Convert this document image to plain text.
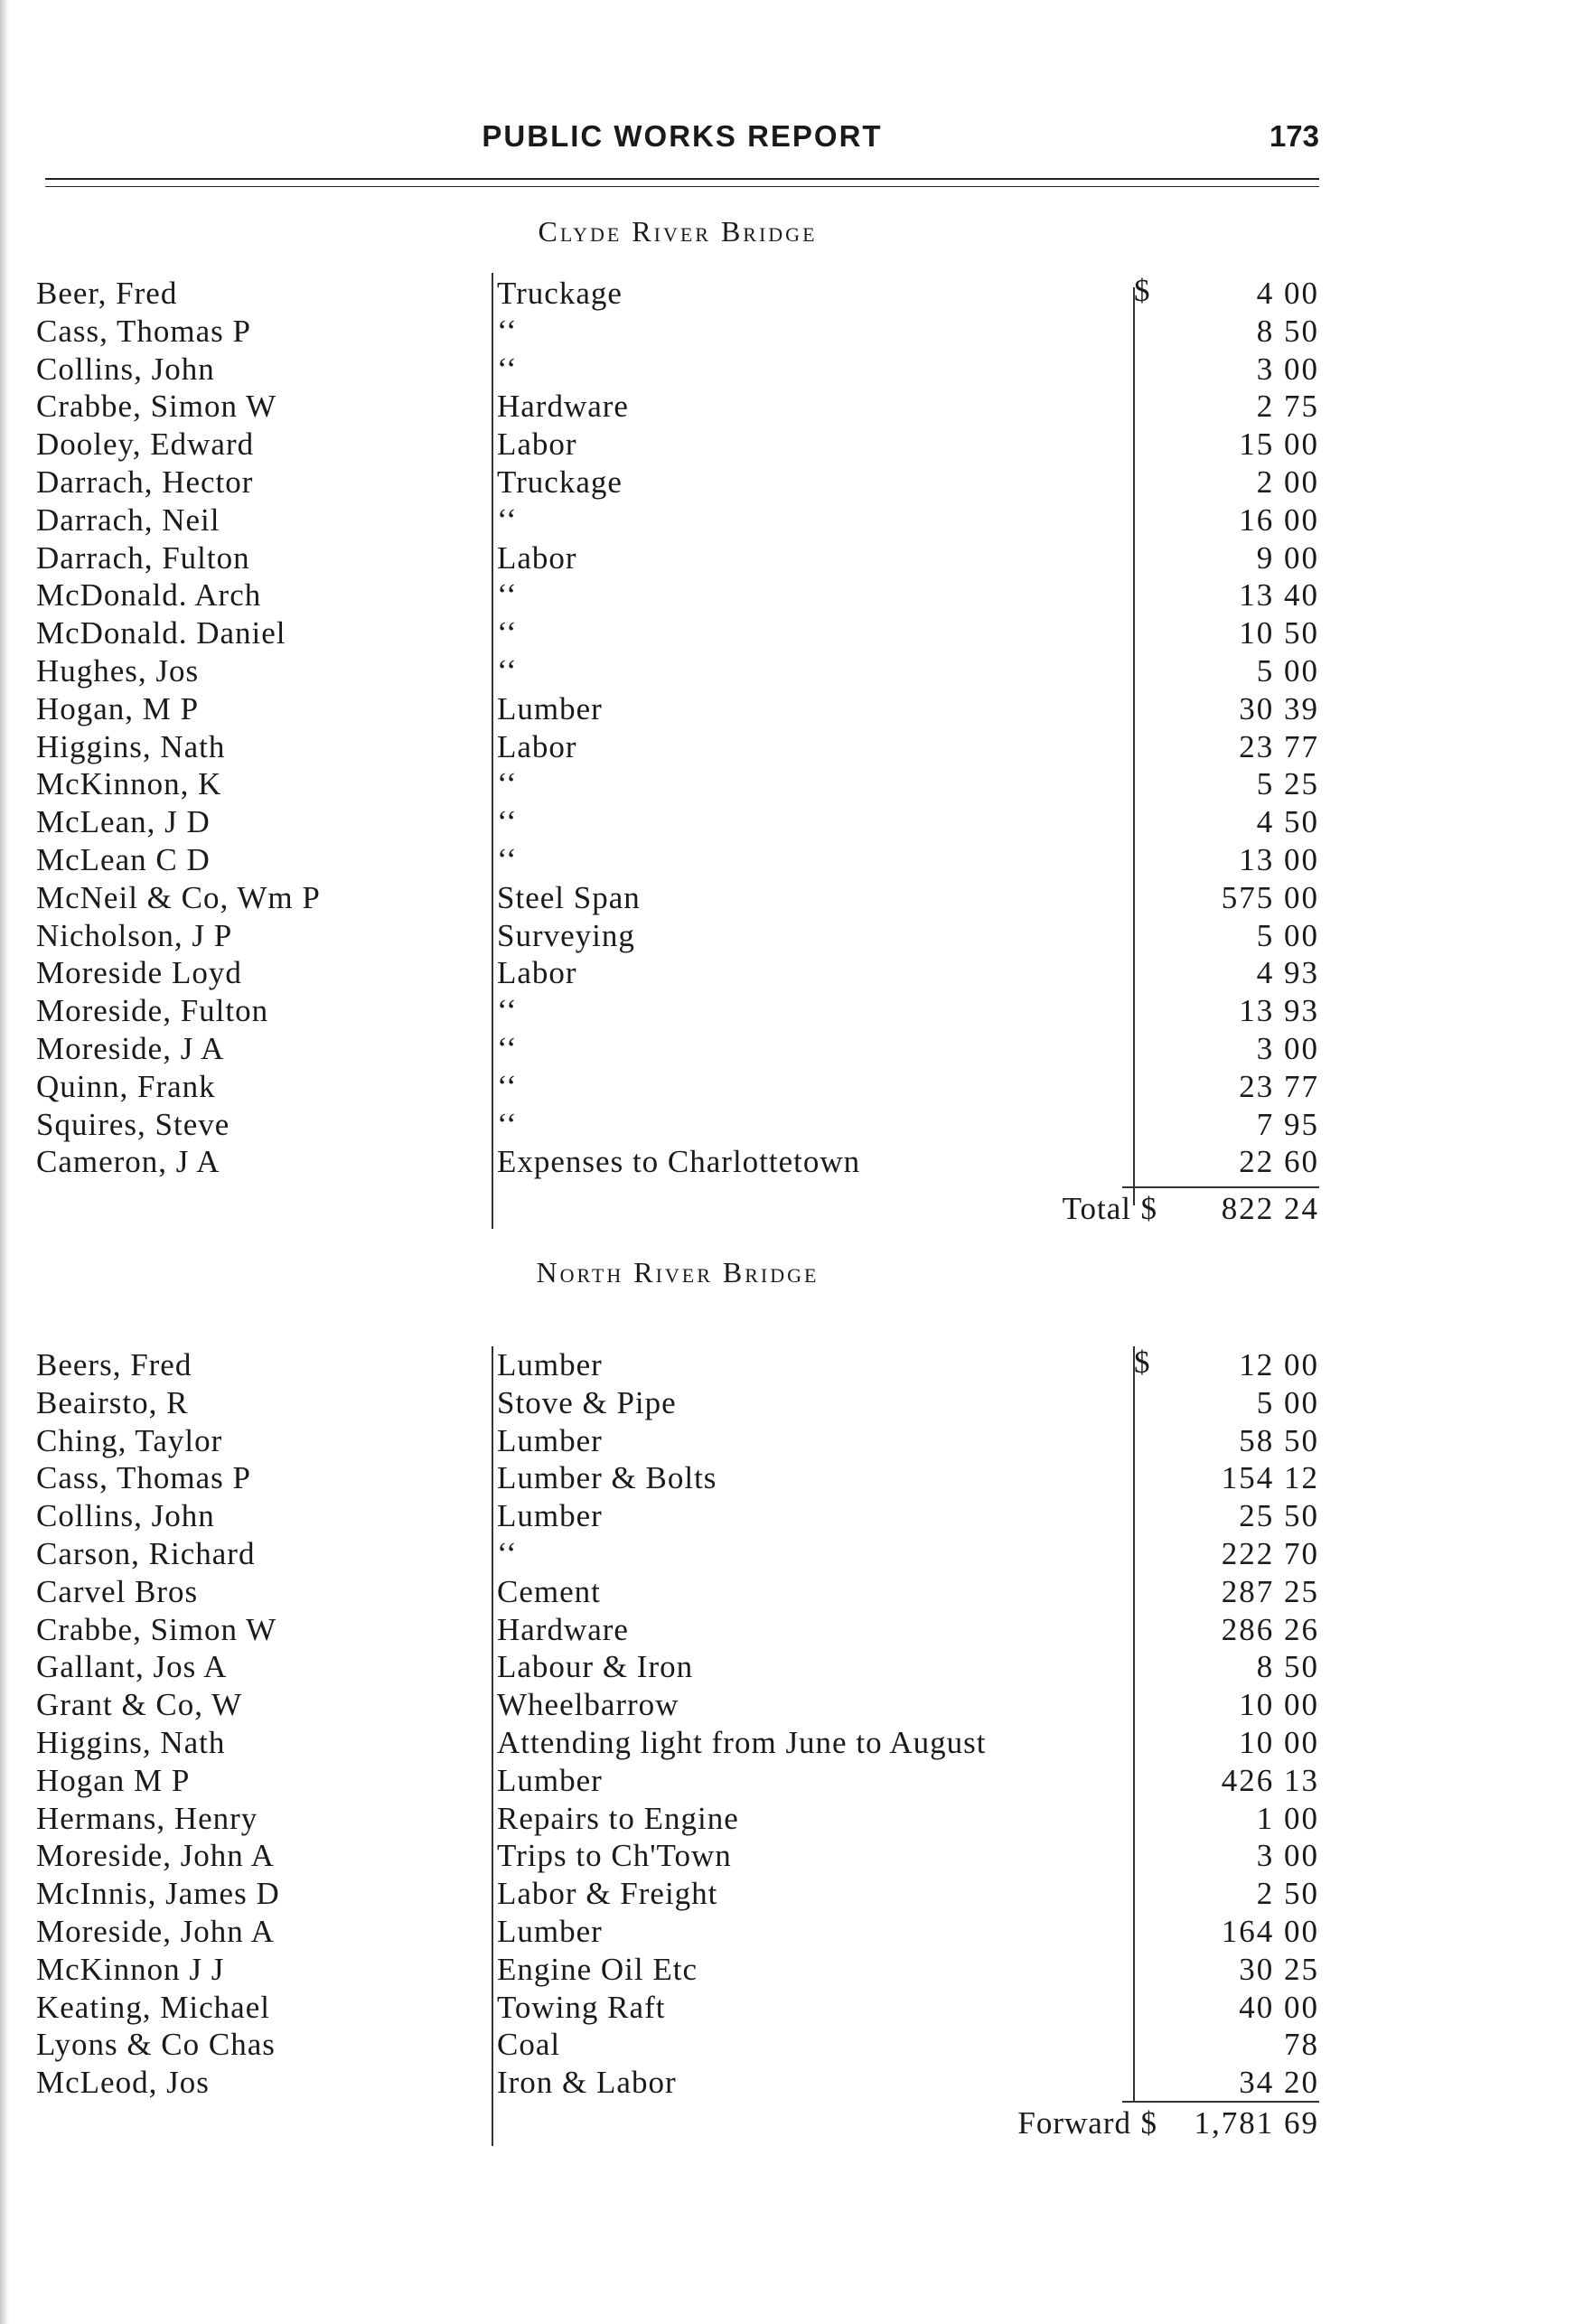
PUBLIC WORKS REPORT	173
Clyde River Bridge
$
Beer, Fred	Truckage	4 00
Cass, Thomas P	‘‘	8 50
Collins, John	‘‘	3 00
Crabbe, Simon W	Hardware	2 75
Dooley, Edward	Labor	15 00
Darrach, Hector	Truckage	2 00
Darrach, Neil	‘‘	16 00
Darrach, Fulton	Labor	9 00
McDonald. Arch	‘‘	13 40
McDonald. Daniel	‘‘	10 50
Hughes, Jos	‘‘	5 00
Hogan, M P	Lumber	30 39
Higgins, Nath	Labor	23 77
McKinnon, K	‘‘	5 25
McLean, J D	‘‘	4 50
McLean C D	‘‘	13 00
McNeil & Co, Wm P	Steel Span	575 00
Nicholson, J P	Surveying	5 00
Moreside Loyd	Labor	4 93
Moreside, Fulton	‘‘	13 93
Moreside, J A	‘‘	3 00
Quinn, Frank	‘‘	23 77
Squires, Steve	‘‘	7 95
Cameron, J A	Expenses to Charlottetown	22 60
Total $ 822 24
North River Bridge
$
Beers, Fred	Lumber	12 00
Beairsto, R	Stove & Pipe	5 00
Ching, Taylor	Lumber	58 50
Cass, Thomas P	Lumber & Bolts	154 12
Collins, John	Lumber	25 50
Carson, Richard	‘‘	222 70
Carvel Bros	Cement	287 25
Crabbe, Simon W	Hardware	286 26
Gallant, Jos A	Labour & Iron	8 50
Grant & Co, W	Wheelbarrow	10 00
Higgins, Nath	Attending light from June to August	10 00
Hogan M P	Lumber	426 13
Hermans, Henry	Repairs to Engine	1 00
Moreside, John A	Trips to Ch'Town	3 00
McInnis, James D	Labor & Freight	2 50
Moreside, John A	Lumber	164 00
McKinnon J J	Engine Oil Etc	30 25
Keating, Michael	Towing Raft	40 00
Lyons & Co Chas	Coal	78
McLeod, Jos	Iron & Labor	34 20
Forward $ 1,781 69
